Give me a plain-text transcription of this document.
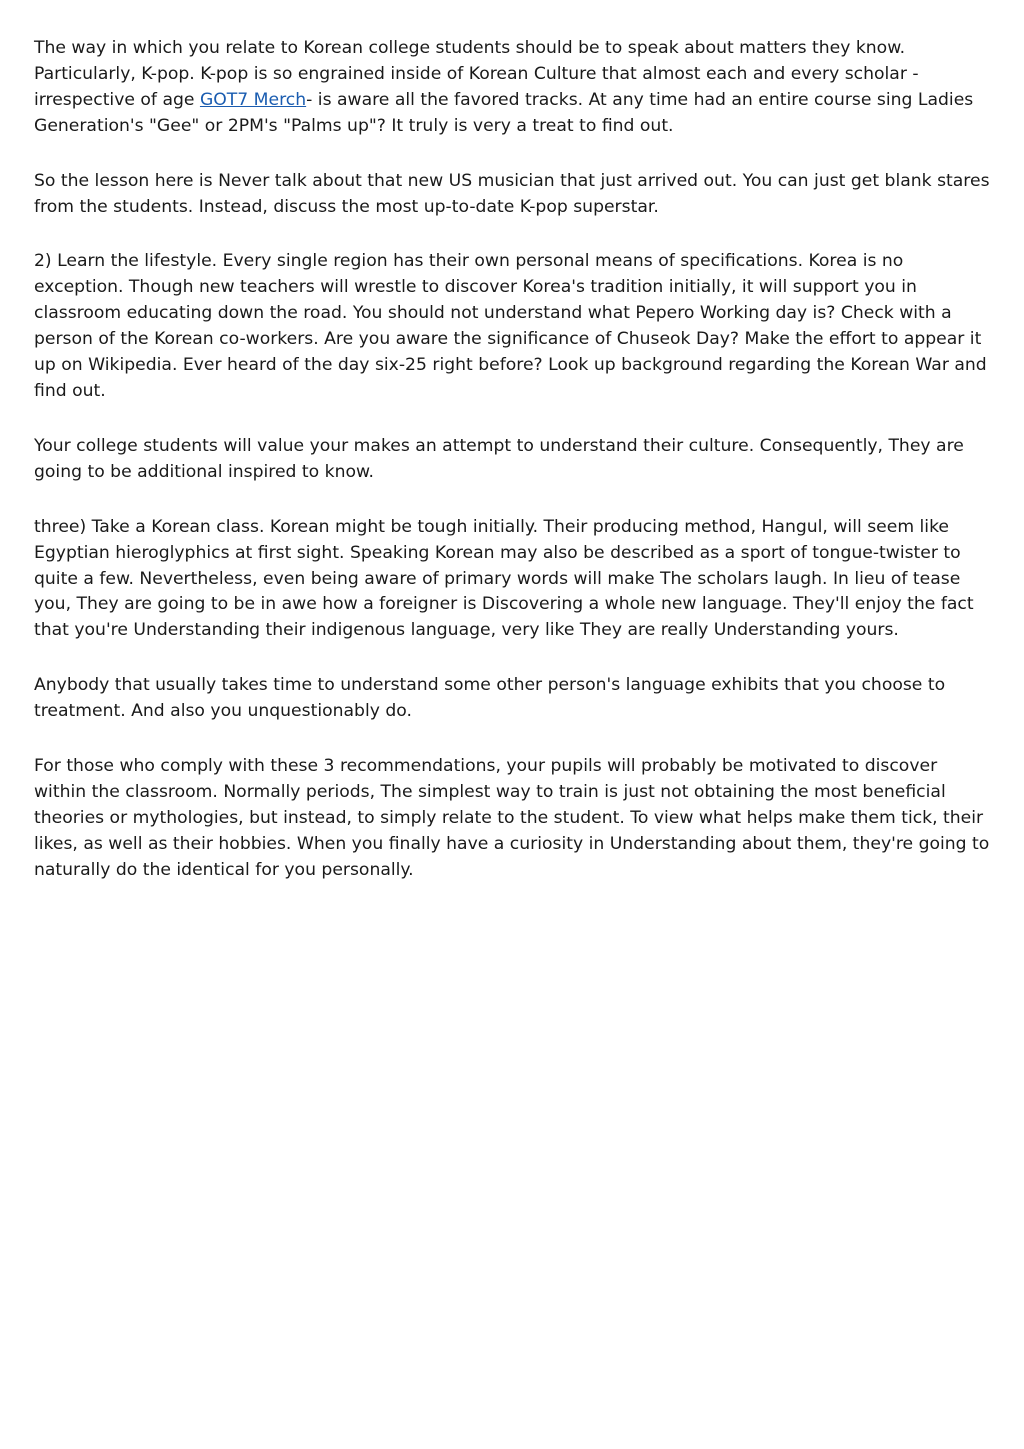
The way in which you relate to Korean college students should be to speak about matters they know. Particularly, K-pop. K-pop is so engrained inside of Korean Culture that almost each and every scholar - irrespective of age GOT7 Merch- is aware all the favored tracks. At any time had an entire course sing Ladies Generation's "Gee" or 2PM's "Palms up"? It truly is very a treat to find out.

So the lesson here is Never talk about that new US musician that just arrived out. You can just get blank stares from the students. Instead, discuss the most up-to-date K-pop superstar.

2) Learn the lifestyle. Every single region has their own personal means of specifications. Korea is no exception. Though new teachers will wrestle to discover Korea's tradition initially, it will support you in classroom educating down the road. You should not understand what Pepero Working day is? Check with a person of the Korean co-workers. Are you aware the significance of Chuseok Day? Make the effort to appear it up on Wikipedia. Ever heard of the day six-25 right before? Look up background regarding the Korean War and find out.

Your college students will value your makes an attempt to understand their culture. Consequently, They are going to be additional inspired to know.

three) Take a Korean class. Korean might be tough initially. Their producing method, Hangul, will seem like Egyptian hieroglyphics at first sight. Speaking Korean may also be described as a sport of tongue-twister to quite a few. Nevertheless, even being aware of primary words will make The scholars laugh. In lieu of tease you, They are going to be in awe how a foreigner is Discovering a whole new language. They'll enjoy the fact that you're Understanding their indigenous language, very like They are really Understanding yours.

Anybody that usually takes time to understand some other person's language exhibits that you choose to treatment. And also you unquestionably do.

For those who comply with these 3 recommendations, your pupils will probably be motivated to discover within the classroom. Normally periods, The simplest way to train is just not obtaining the most beneficial theories or mythologies, but instead, to simply relate to the student. To view what helps make them tick, their likes, as well as their hobbies. When you finally have a curiosity in Understanding about them, they're going to naturally do the identical for you personally.
